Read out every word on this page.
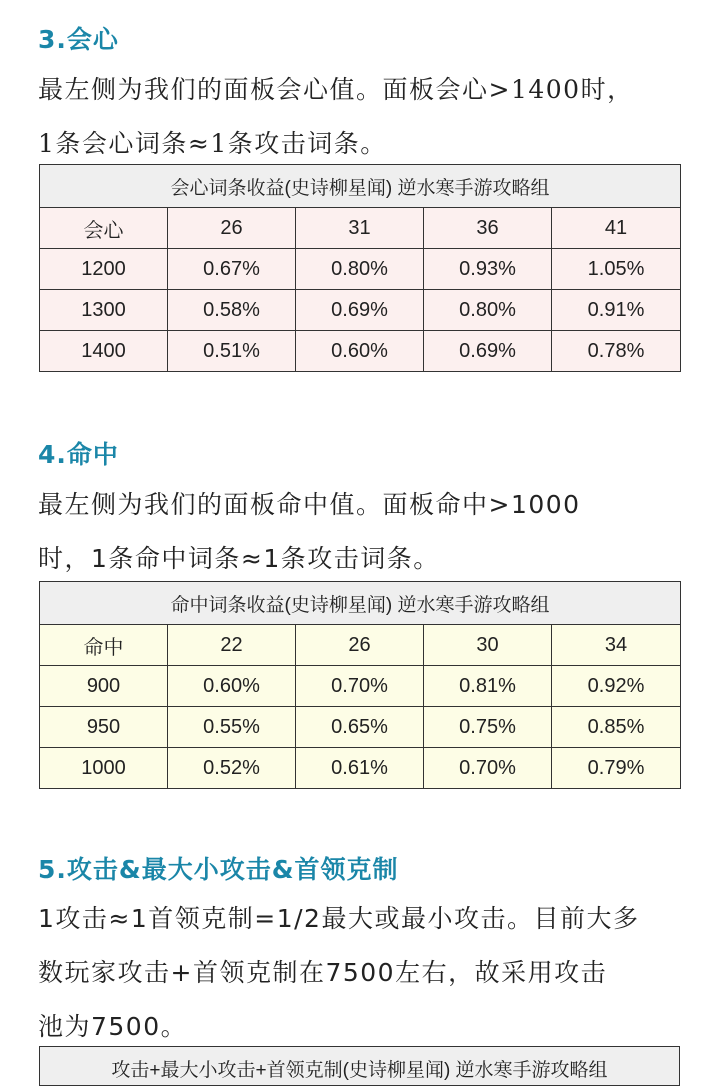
3.会心
最左侧为我们的面板会心值。面板会心>1400时，
1条会心词条≈1条攻击词条。
会心词条收益(史诗柳星闻) 逆水寒手游攻略组				
会心	26	31	36	41
1200	0.67%	0.80%	0.93%	1.05%
1300	0.58%	0.69%	0.80%	0.91%
1400	0.51%	0.60%	0.69%	0.78%
4.命中
最左侧为我们的面板命中值。面板命中>1000
时，1条命中词条≈1条攻击词条。
命中词条收益(史诗柳星闻) 逆水寒手游攻略组				
命中	22	26	30	34
900	0.60%	0.70%	0.81%	0.92%
950	0.55%	0.65%	0.75%	0.85%
1000	0.52%	0.61%	0.70%	0.79%
5.攻击&最大小攻击&首领克制
1攻击≈1首领克制=1/2最大或最小攻击。目前大多
数玩家攻击+首领克制在7500左右，故采用攻击
池为7500。
攻击+最大小攻击+首领克制(史诗柳星闻) 逆水寒手游攻略组
